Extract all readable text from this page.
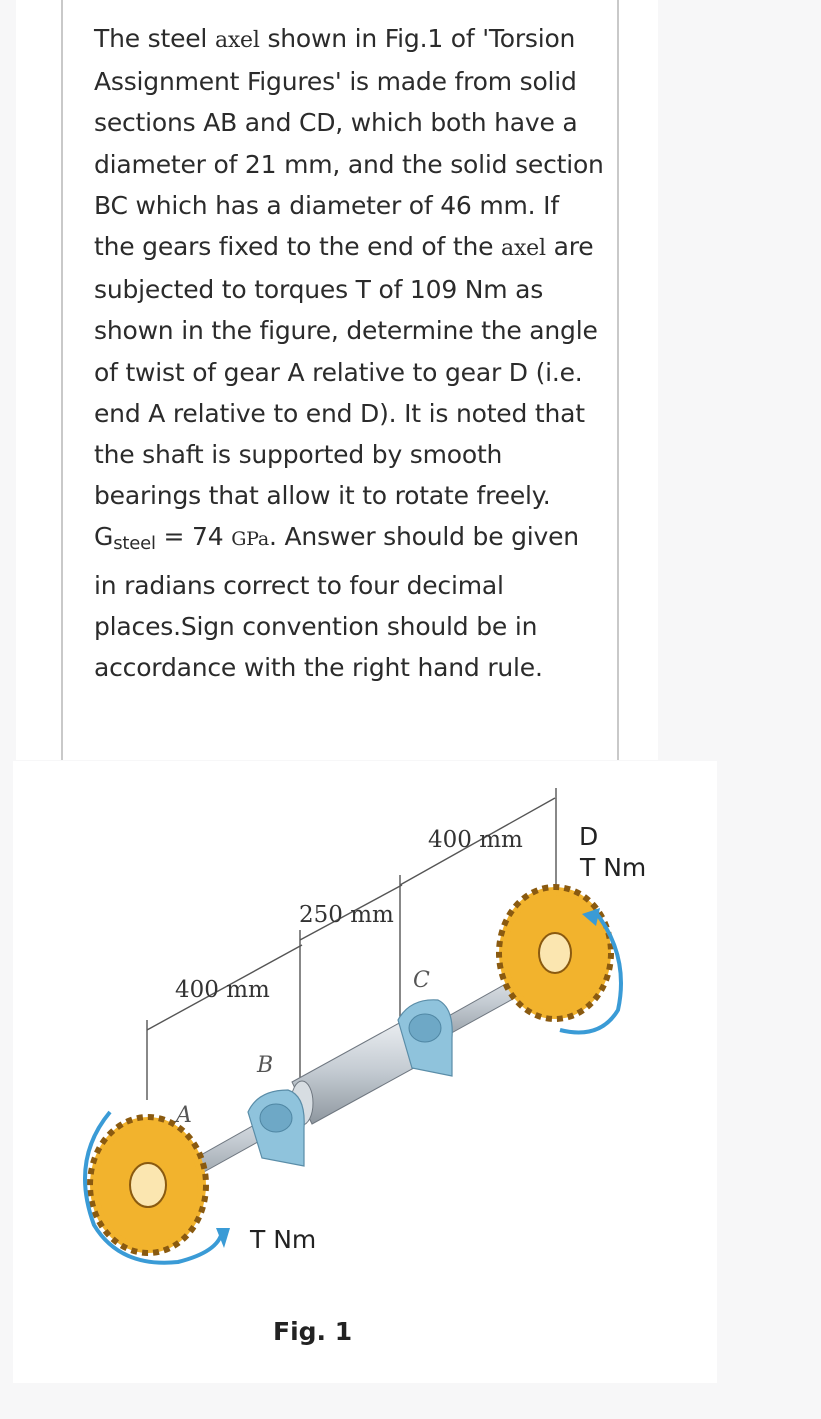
The steel axel shown in Fig.1 of 'Torsion Assignment Figures' is made from solid sections AB and CD, which both have a diameter of 21 mm, and the solid section BC which has a diameter of 46 mm. If the gears fixed to the end of the axel are subjected to torques T of 109 Nm as shown in the figure, determine the angle of twist of gear A relative to gear D (i.e. end A relative to end D). It is noted that the shaft is supported by smooth bearings that allow it to rotate freely. $G_{steel} = 74$ GPa. Answer should be given in radians correct to four decimal places.Sign convention should be in accordance with the right hand rule.
400 mm
250 mm
400 mm
A
B
C
D
T Nm
T Nm
Fig. 1
